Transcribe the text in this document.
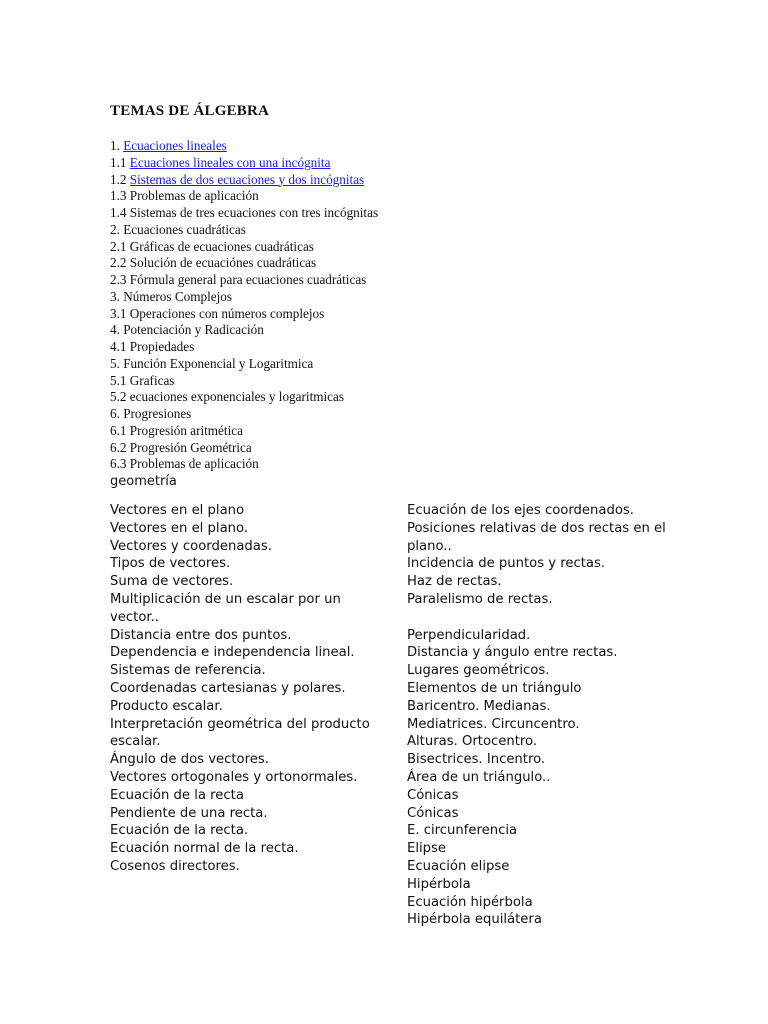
TEMAS DE ÁLGEBRA
1. Ecuaciones lineales
1.1 Ecuaciones lineales con una incógnita
1.2 Sistemas de dos ecuaciones y dos incógnitas
1.3 Problemas de aplicación
1.4 Sistemas de tres ecuaciones con tres incógnitas
2. Ecuaciones cuadráticas
2.1 Gráficas de ecuaciones cuadráticas
2.2 Solución de ecuaciónes cuadráticas
2.3 Fórmula general para ecuaciones cuadráticas
3. Números Complejos
3.1 Operaciones con números complejos
4. Potenciación y Radicación
4.1 Propiedades
5. Función Exponencial y Logaritmica
5.1 Graficas
5.2 ecuaciones exponenciales y logaritmicas
6. Progresiones
6.1 Progresión aritmética
6.2 Progresión Geométrica
6.3 Problemas de aplicación
geometría
Vectores en el plano
Vectores en el plano.
Vectores y coordenadas.
Tipos de vectores.
Suma de vectores.
Multiplicación de un escalar por un vector..
Distancia entre dos puntos.
Dependencia e independencia lineal.
Sistemas de referencia.
Coordenadas cartesianas y polares.
Producto escalar.
Interpretación geométrica del producto escalar.
Ángulo de dos vectores.
Vectores ortogonales y ortonormales.
Ecuación de la recta
Pendiente de una recta.
Ecuación de la recta.
Ecuación normal de la recta.
Cosenos directores.
Ecuación de los ejes coordenados.
Posiciones relativas de dos rectas en el plano..
Incidencia de puntos y rectas.
Haz de rectas.
Paralelismo de rectas.

Perpendicularidad.
Distancia y ángulo entre rectas.
Lugares geométricos.
Elementos de un triángulo
Baricentro. Medianas.
Mediatrices. Circuncentro.
Alturas. Ortocentro.
Bisectrices. Incentro.
Área de un triángulo..
Cónicas
Cónicas
E. circunferencia
Elipse
Ecuación elipse
Hipérbola
Ecuación hipérbola
Hipérbola equilátera
